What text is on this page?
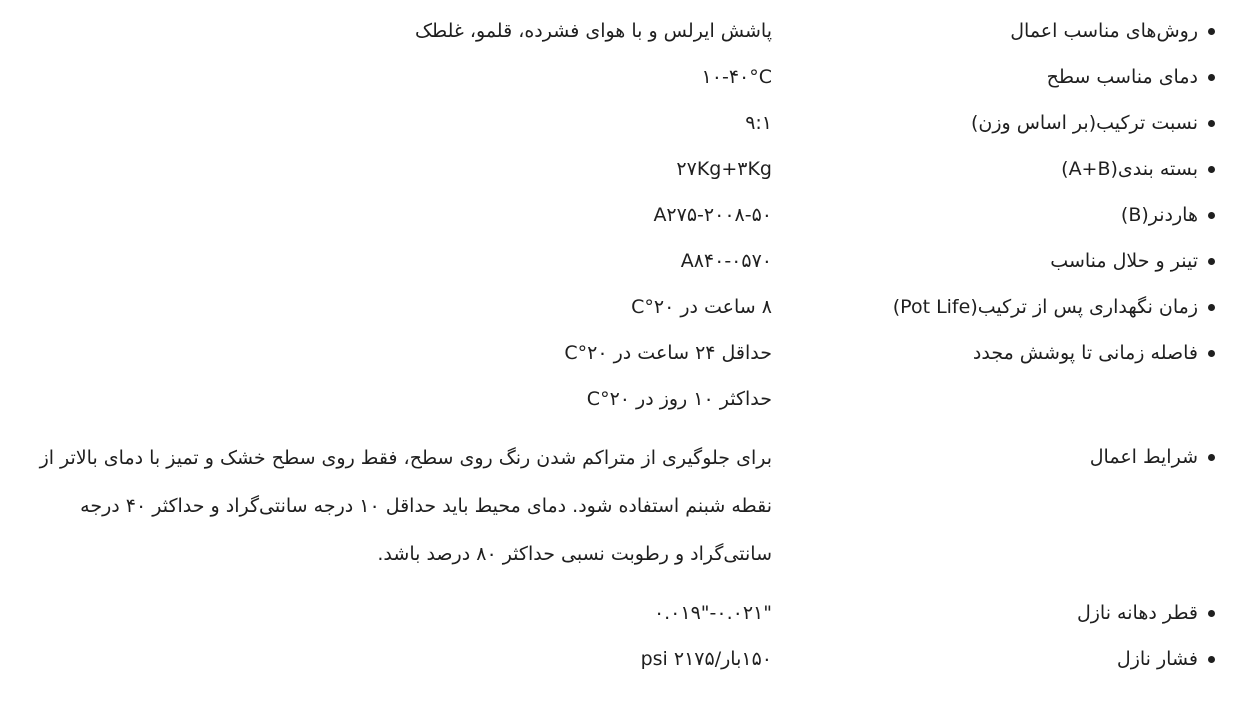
روش‌های مناسب اعمال
پاشش ایرلس و با هوای فشرده، قلمو، غلطک
دمای مناسب سطح
۱۰-۴۰°C
نسبت ترکیب(بر اساس وزن)
۹:۱
بسته بندی(A+B)
۲۷Kg+۳Kg
هاردنر(B)
A۲۷۵-۲۰۰۸-۵۰
تینر و حلال مناسب
A۸۴۰-۰۵۷۰
زمان نگهداری پس از ترکیب(Pot Life)
۸ ساعت در ۲۰°C
فاصله زمانی تا پوشش مجدد
حداقل ۲۴ ساعت در ۲۰°C
حداکثر ۱۰ روز در ۲۰°C
شرایط اعمال
برای جلوگیری از متراکم شدن رنگ روی سطح، فقط روی سطح خشک و تمیز با دمای بالاتر از نقطه شبنم استفاده شود. دمای محیط باید حداقل ۱۰ درجه سانتی‌گراد و حداکثر ۴۰ درجه سانتی‌گراد و رطوبت نسبی حداکثر ۸۰ درصد باشد.
قطر دهانه نازل
۰.۰۱۹"-۰.۰۲۱"
فشار نازل
۱۵۰بار/۲۱۷۵ psi
